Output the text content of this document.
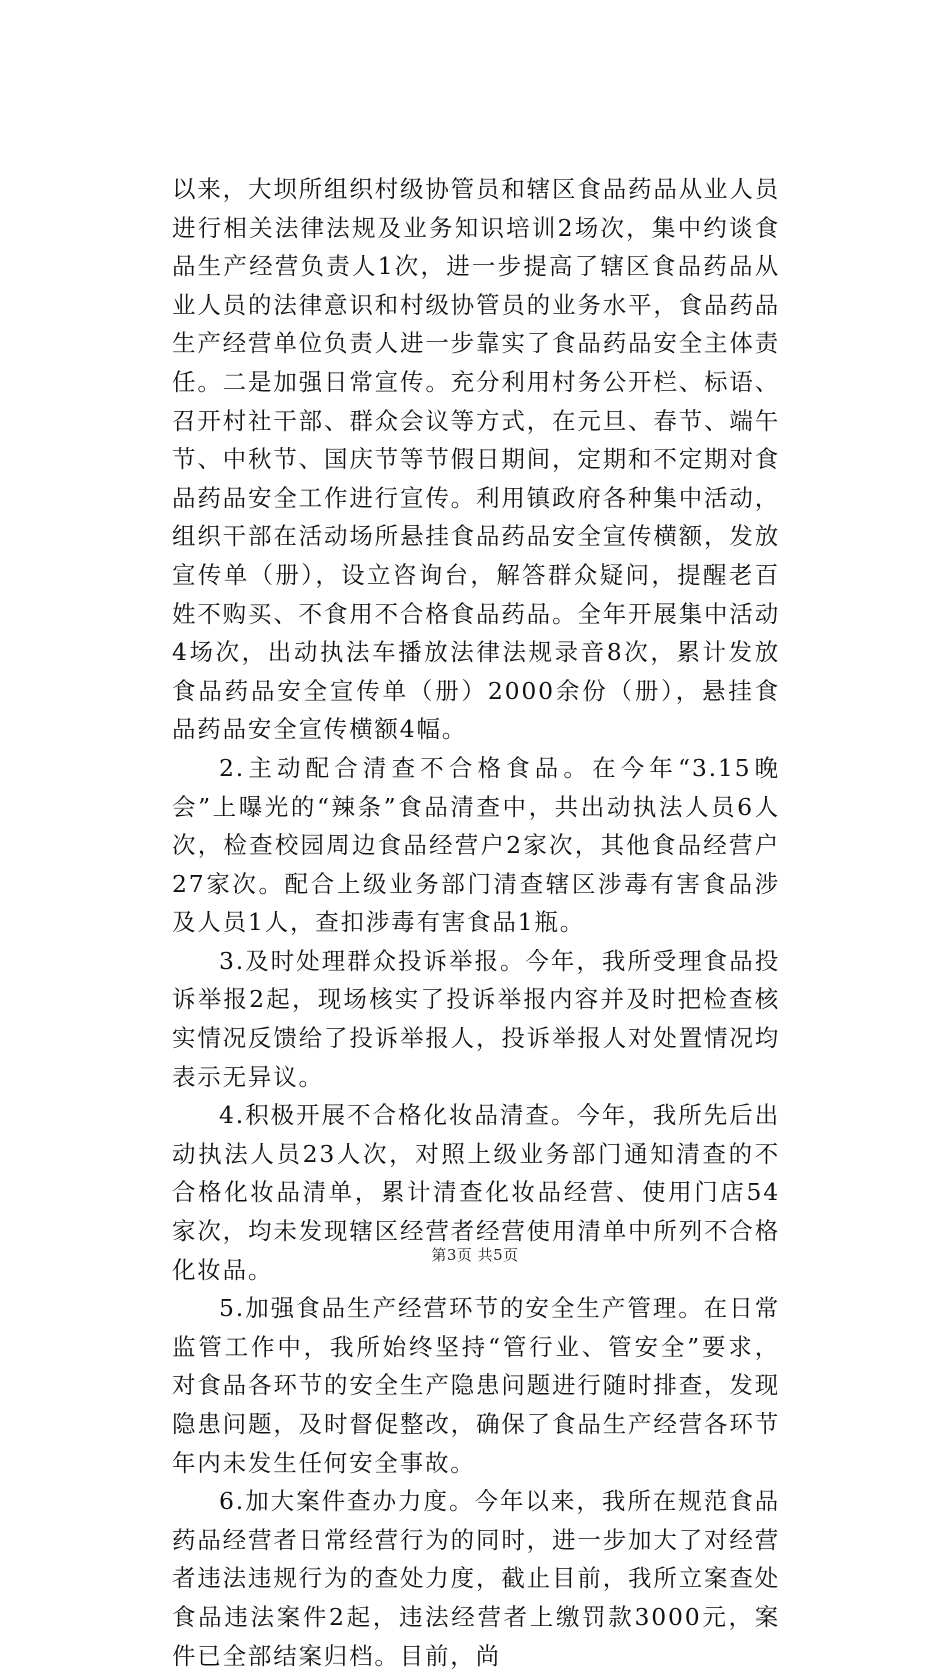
以来，大坝所组织村级协管员和辖区食品药品从业人员进行相关法律法规及业务知识培训2场次，集中约谈食品生产经营负责人1次，进一步提高了辖区食品药品从业人员的法律意识和村级协管员的业务水平，食品药品生产经营单位负责人进一步靠实了食品药品安全主体责任。二是加强日常宣传。充分利用村务公开栏、标语、召开村社干部、群众会议等方式，在元旦、春节、端午节、中秋节、国庆节等节假日期间，定期和不定期对食品药品安全工作进行宣传。利用镇政府各种集中活动，组织干部在活动场所悬挂食品药品安全宣传横额，发放宣传单（册），设立咨询台，解答群众疑问，提醒老百姓不购买、不食用不合格食品药品。全年开展集中活动4场次，出动执法车播放法律法规录音8次，累计发放食品药品安全宣传单（册）2000余份（册），悬挂食品药品安全宣传横额4幅。

2.主动配合清查不合格食品。在今年“3.15晚会”上曝光的“辣条”食品清查中，共出动执法人员6人次，检查校园周边食品经营户2家次，其他食品经营户27家次。配合上级业务部门清查辖区涉毒有害食品涉及人员1人，查扣涉毒有害食品1瓶。

3.及时处理群众投诉举报。今年，我所受理食品投诉举报2起，现场核实了投诉举报内容并及时把检查核实情况反馈给了投诉举报人，投诉举报人对处置情况均表示无异议。

4.积极开展不合格化妆品清查。今年，我所先后出动执法人员23人次，对照上级业务部门通知清查的不合格化妆品清单，累计清查化妆品经营、使用门店54家次，均未发现辖区经营者经营使用清单中所列不合格化妆品。

5.加强食品生产经营环节的安全生产管理。在日常监管工作中，我所始终坚持“管行业、管安全”要求，对食品各环节的安全生产隐患问题进行随时排查，发现隐患问题，及时督促整改，确保了食品生产经营各环节年内未发生任何安全事故。

6.加大案件查办力度。今年以来，我所在规范食品药品经营者日常经营行为的同时，进一步加大了对经营者违法违规行为的查处力度，截止目前，我所立案查处食品违法案件2起，违法经营者上缴罚款3000元，案件已全部结案归档。目前，尚

第3页 共5页
